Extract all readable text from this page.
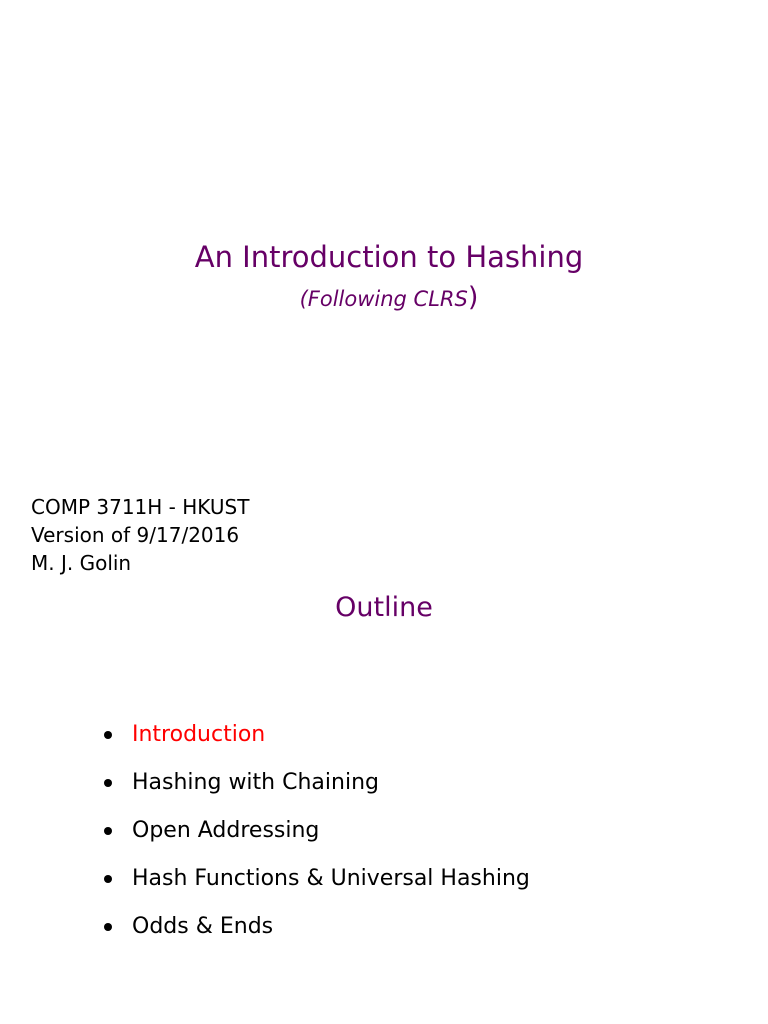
An Introduction to Hashing
(Following CLRS)
COMP 3711H - HKUST
Version of 9/17/2016
M. J. Golin
Outline
Introduction
Hashing with Chaining
Open Addressing
Hash Functions & Universal Hashing
Odds & Ends
